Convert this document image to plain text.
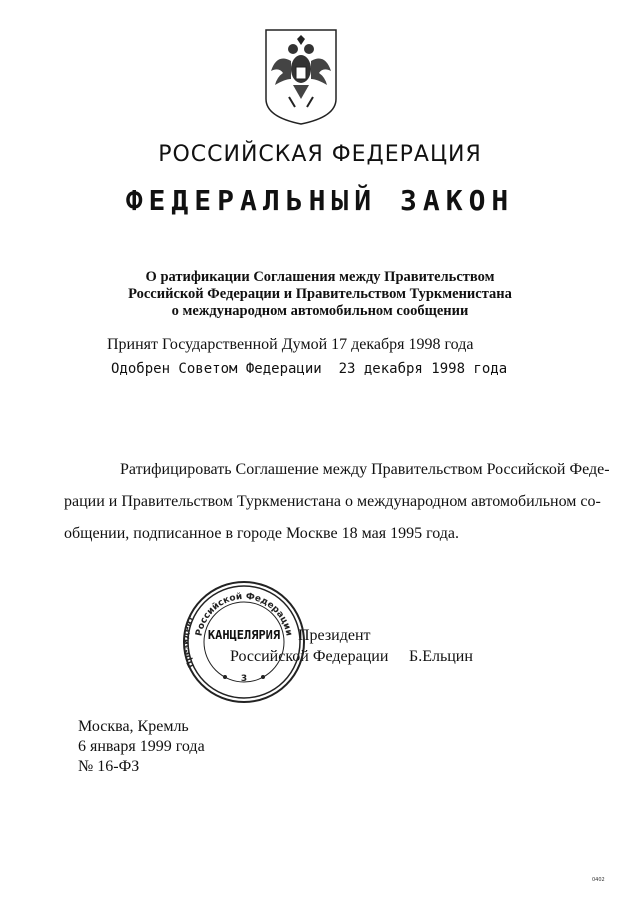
РОССИЙСКАЯ ФЕДЕРАЦИЯ
ФЕДЕРАЛЬНЫЙ ЗАКОН
О ратификации Соглашения между Правительством
Российской Федерации и Правительством Туркменистана
о международном автомобильном сообщении
Принят Государственной Думой 17 декабря 1998 года
Одобрен Советом Федерации  23 декабря 1998 года
Ратифицировать Соглашение между Правительством Российской Феде-
рации и Правительством Туркменистана о международном автомобильном со-
общении, подписанное в городе Москве 18 мая 1995 года.
Президент
Российской Федерации Б.Ельцин
Российской Федерации
Президент
КАНЦЕЛЯРИЯ
3
Москва, Кремль
6 января 1999 года
№ 16-ФЗ
0402
